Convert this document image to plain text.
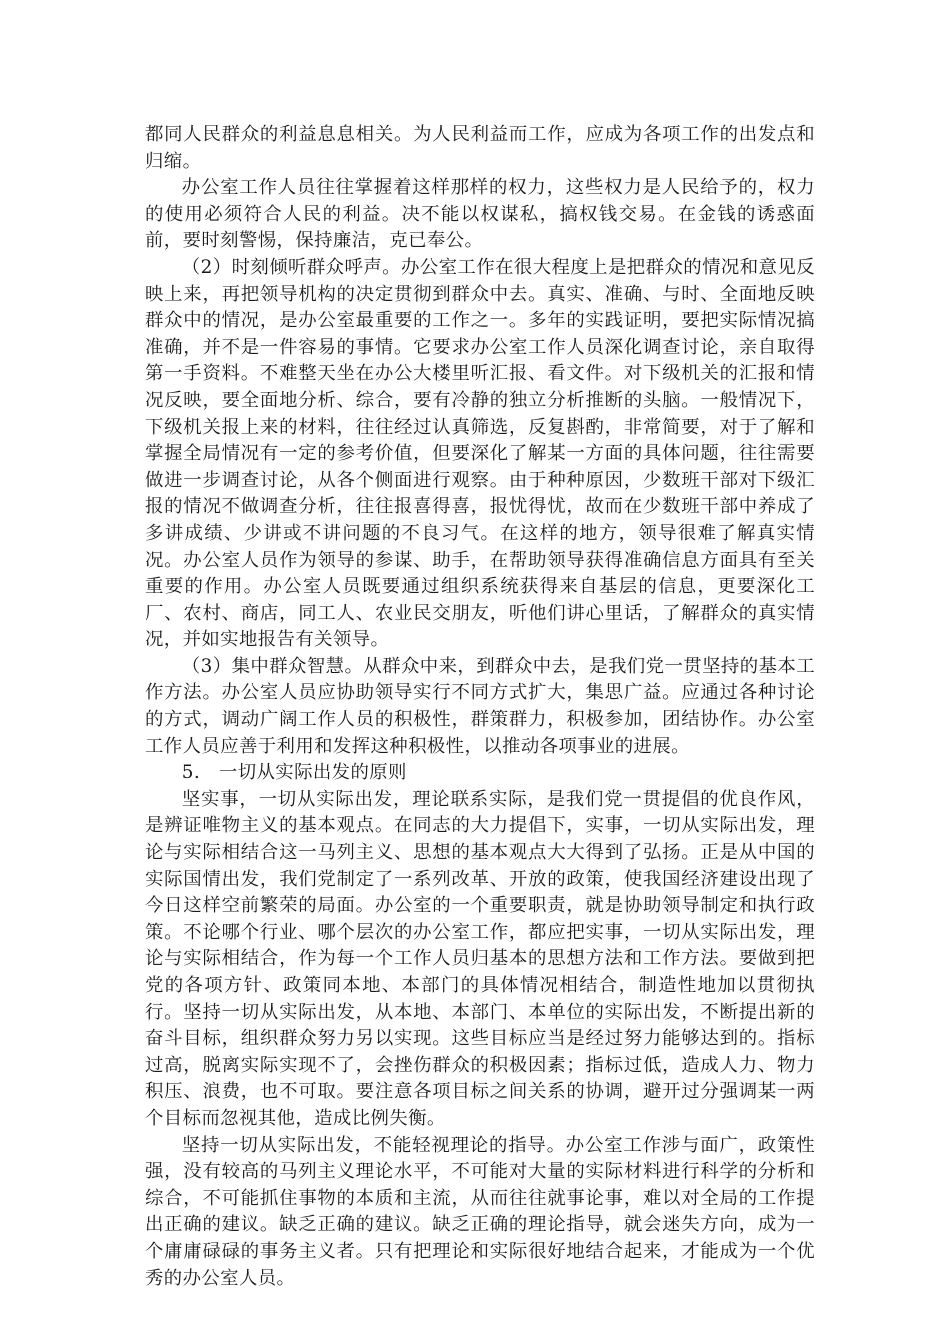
都同人民群众的利益息息相关。为人民利益而工作，应成为各项工作的出发点和归缩。

办公室工作人员往往掌握着这样那样的权力，这些权力是人民给予的，权力的使用必须符合人民的利益。决不能以权谋私，搞权钱交易。在金钱的诱惑面前，要时刻警惕，保持廉洁，克已奉公。

（2）时刻倾听群众呼声。办公室工作在很大程度上是把群众的情况和意见反映上来，再把领导机构的决定贯彻到群众中去。真实、准确、与时、全面地反映群众中的情况，是办公室最重要的工作之一。多年的实践证明，要把实际情况搞准确，并不是一件容易的事情。它要求办公室工作人员深化调查讨论，亲自取得第一手资料。不难整天坐在办公大楼里听汇报、看文件。对下级机关的汇报和情况反映，要全面地分析、综合，要有冷静的独立分析推断的头脑。一般情况下，下级机关报上来的材料，往往经过认真筛选，反复斟酌，非常简要，对于了解和掌握全局情况有一定的参考价值，但要深化了解某一方面的具体问题，往往需要做进一步调查讨论，从各个侧面进行观察。由于种种原因，少数班干部对下级汇报的情况不做调查分析，往往报喜得喜，报忧得忧，故而在少数班干部中养成了多讲成绩、少讲或不讲问题的不良习气。在这样的地方，领导很难了解真实情况。办公室人员作为领导的参谋、助手，在帮助领导获得准确信息方面具有至关重要的作用。办公室人员既要通过组织系统获得来自基层的信息，更要深化工厂、农村、商店，同工人、农业民交朋友，听他们讲心里话，了解群众的真实情况，并如实地报告有关领导。

（3）集中群众智慧。从群众中来，到群众中去，是我们党一贯坚持的基本工作方法。办公室人员应协助领导实行不同方式扩大，集思广益。应通过各种讨论的方式，调动广阔工作人员的积极性，群策群力，积极参加，团结协作。办公室工作人员应善于利用和发挥这种积极性，以推动各项事业的进展。

5.　一切从实际出发的原则

坚实事，一切从实际出发，理论联系实际，是我们党一贯提倡的优良作风，是辨证唯物主义的基本观点。在同志的大力提倡下，实事，一切从实际出发，理论与实际相结合这一马列主义、思想的基本观点大大得到了弘扬。正是从中国的实际国情出发，我们党制定了一系列改革、开放的政策，使我国经济建设出现了今日这样空前繁荣的局面。办公室的一个重要职责，就是协助领导制定和执行政策。不论哪个行业、哪个层次的办公室工作，都应把实事，一切从实际出发，理论与实际相结合，作为每一个工作人员归基本的思想方法和工作方法。要做到把党的各项方针、政策同本地、本部门的具体情况相结合，制造性地加以贯彻执行。坚持一切从实际出发，从本地、本部门、本单位的实际出发，不断提出新的奋斗目标，组织群众努力另以实现。这些目标应当是经过努力能够达到的。指标过高，脱离实际实现不了，会挫伤群众的积极因素；指标过低，造成人力、物力积压、浪费，也不可取。要注意各项目标之间关系的协调，避开过分强调某一两个目标而忽视其他，造成比例失衡。

坚持一切从实际出发，不能轻视理论的指导。办公室工作涉与面广，政策性强，没有较高的马列主义理论水平，不可能对大量的实际材料进行科学的分析和综合，不可能抓住事物的本质和主流，从而往往就事论事，难以对全局的工作提出正确的建议。缺乏正确的建议。缺乏正确的理论指导，就会迷失方向，成为一个庸庸碌碌的事务主义者。只有把理论和实际很好地结合起来，才能成为一个优秀的办公室人员。
